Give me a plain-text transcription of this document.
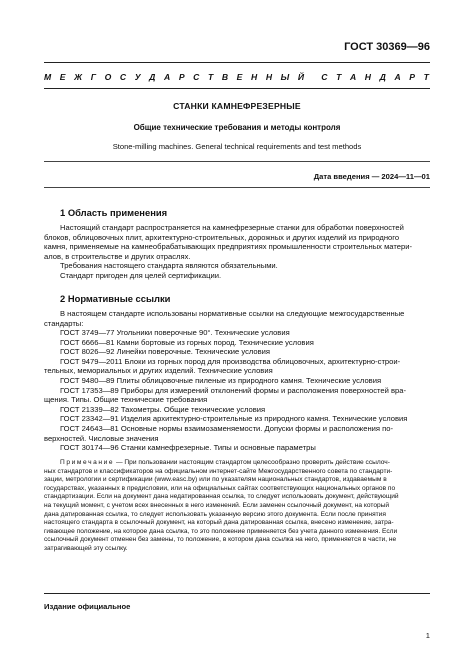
ГОСТ 30369—96
М Е Ж Г О С У Д А Р С Т В Е Н Н Ы Й С Т А Н Д А Р Т
СТАНКИ КАМНЕФРЕЗЕРНЫЕ
Общие технические требования и методы контроля
Stone-milling machines. General technical requirements and test methods
Дата введения — 2024—11—01
1 Область применения

Настоящий стандарт распространяется на камнефрезерные станки для обработки поверхностей

блоков, облицовочных плит, архитектурно-строительных, дорожных и других изделий из природного

камня, применяемые на камнеобрабатывающих предприятиях промышленности строительных матери-

алов, в строительстве и других отраслях.

Требования настоящего стандарта являются обязательными.

Стандарт пригоден для целей сертификации.

2 Нормативные ссылки

В настоящем стандарте использованы нормативные ссылки на следующие межгосударственные

стандарты:

ГОСТ 3749—77 Угольники поверочные 90°. Технические условия

ГОСТ 6666—81 Камни бортовые из горных пород. Технические условия

ГОСТ 8026—92 Линейки поверочные. Технические условия

ГОСТ 9479—2011 Блоки из горных пород для производства облицовочных, архитектурно-строи-

тельных, мемориальных и других изделий. Технические условия

ГОСТ 9480—89 Плиты облицовочные пиленые из природного камня. Технические условия

ГОСТ 17353—89 Приборы для измерений отклонений формы и расположения поверхностей вра-

щения. Типы. Общие технические требования

ГОСТ 21339—82 Тахометры. Общие технические условия

ГОСТ 23342—91 Изделия архитектурно-строительные из природного камня. Технические условия

ГОСТ 24643—81 Основные нормы взаимозаменяемости. Допуски формы и расположения по-

верхностей. Числовые значения

ГОСТ 30174—96 Станки камнефрезерные. Типы и основные параметры

Примечание — При пользовании настоящим стандартом целесообразно проверить действие ссылоч-

ных стандартов и классификаторов на официальном интернет-сайте Межгосударственного совета по стандарти-

зации, метрологии и сертификации (www.easc.by) или по указателям национальных стандартов, издаваемым в

государствах, указанных в предисловии, или на официальных сайтах соответствующих национальных органов по

стандартизации. Если на документ дана недатированная ссылка, то следует использовать документ, действующий

на текущий момент, с учетом всех внесенных в него изменений. Если заменен ссылочный документ, на который

дана датированная ссылка, то следует использовать указанную версию этого документа. Если после принятия

настоящего стандарта в ссылочный документ, на который дана датированная ссылка, внесено изменение, затра-

гивающее положение, на которое дана ссылка, то это положение применяется без учета данного изменения. Если

ссылочный документ отменен без замены, то положение, в котором дана ссылка на него, применяется в части, не

затрагивающей эту ссылку.

Издание официальное
1
